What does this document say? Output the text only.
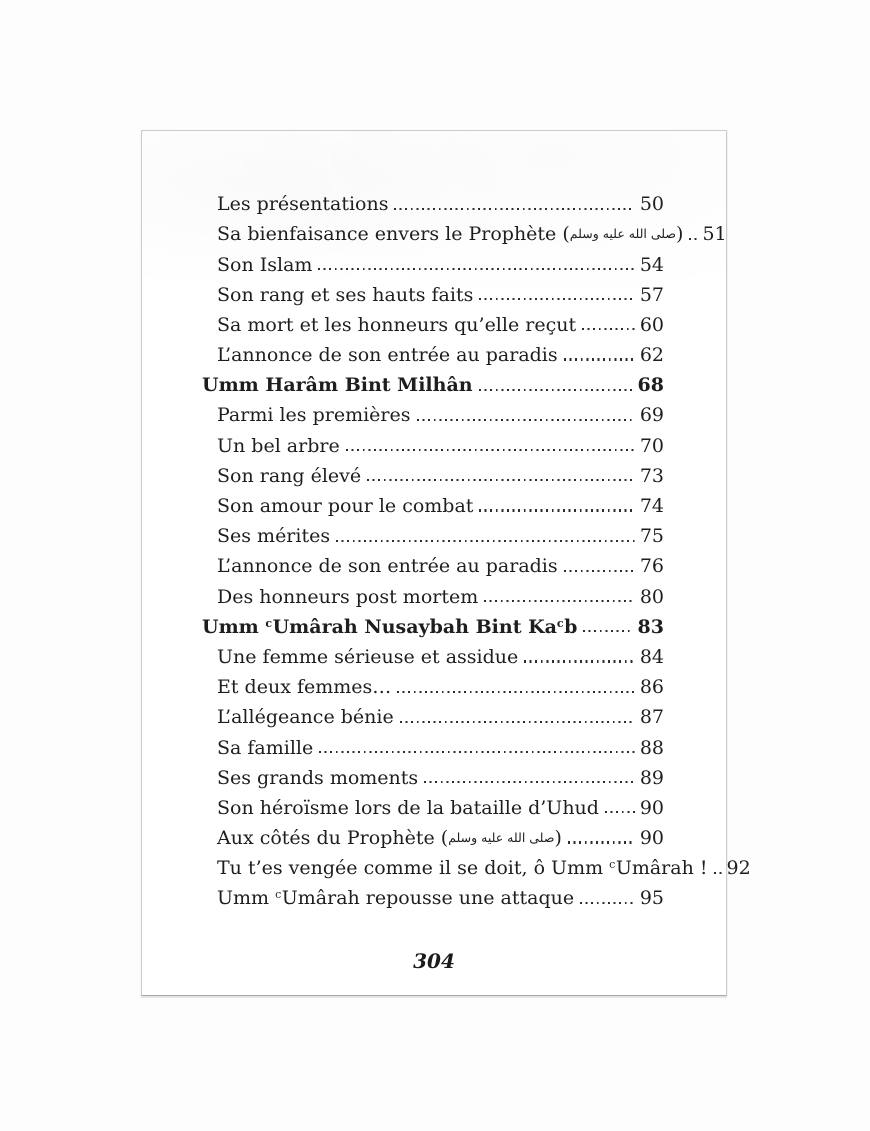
Les présentations	50
Sa bienfaisance envers le Prophète (صلى الله عليه وسلم) 51
Son Islam	54
Son rang et ses hauts faits	57
Sa mort et les honneurs qu’elle reçut	60
L’annonce de son entrée au paradis	62
Umm Harâm Bint Milhân	68
Parmi les premières	69
Un bel arbre	70
Son rang élevé	73
Son amour pour le combat	74
Ses mérites	75
L’annonce de son entrée au paradis	76
Des honneurs post mortem	80
Umm $^c$Umârah Nusaybah Bint Ka$^c$b	83
Une femme sérieuse et assidue	84
Et deux femmes…	86
L’allégeance bénie	87
Sa famille	88
Ses grands moments	89
Son héroïsme lors de la bataille d’Uhud 90
Aux côtés du Prophète (صلى الله عليه وسلم)	90
Tu t’es vengée comme il se doit, ô Umm $^c$Umârah ! 92
Umm $^c$Umârah repousse une attaque	95
304
